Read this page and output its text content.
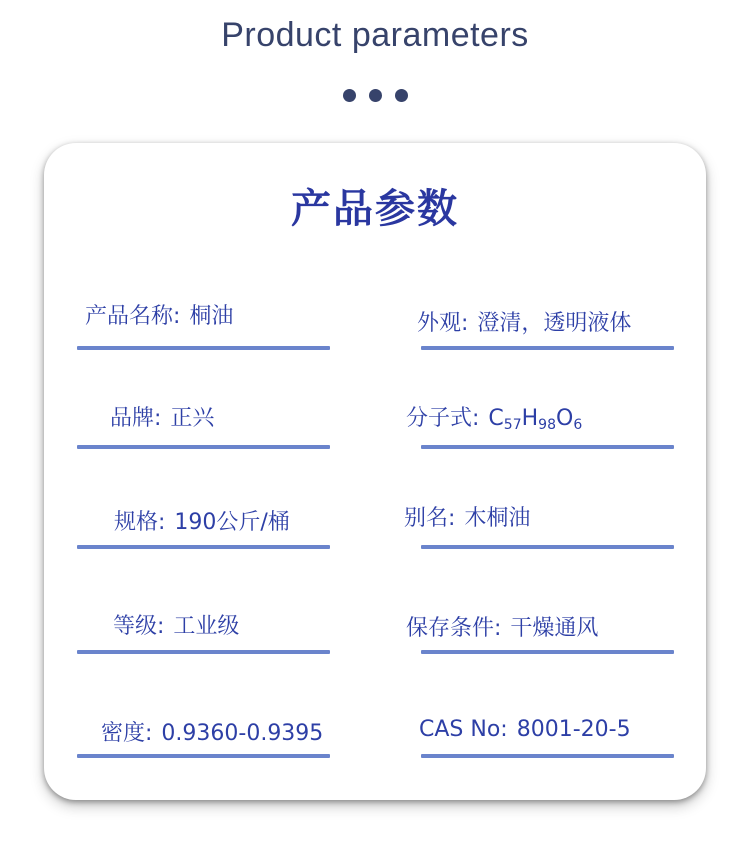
Product parameters
产品参数
产品名称: 桐油	外观: 澄清，透明液体
品牌: 正兴	分子式: $C_{57}H_{98}O_6$
规格: 190公斤/桶	别名: 木桐油
等级: 工业级	保存条件: 干燥通风
密度: 0.9360-0.9395	CAS No: 8001-20-5
